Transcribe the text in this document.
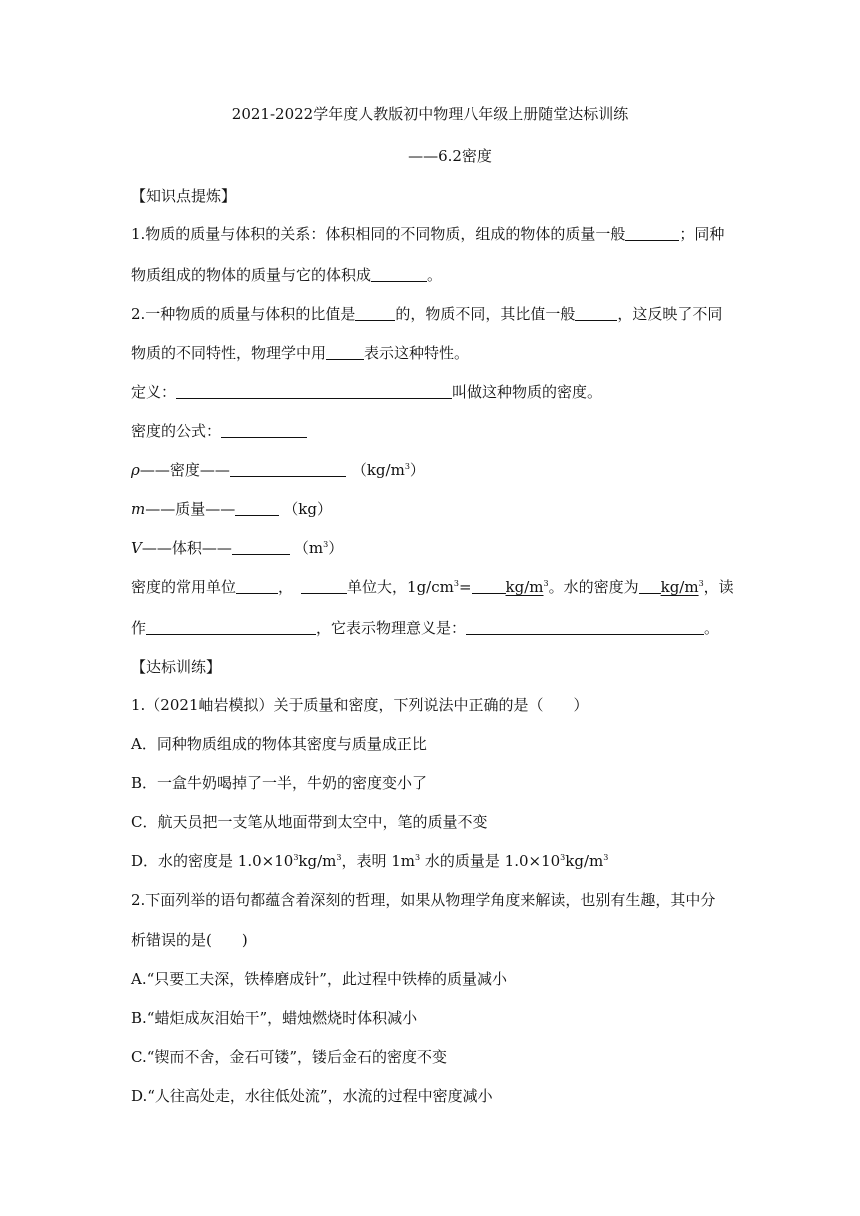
2021-2022学年度人教版初中物理八年级上册随堂达标训练
——6.2密度
【知识点提炼】
1.物质的质量与体积的关系：体积相同的不同物质，组成的物体的质量一般	；同种
物质组成的物体的质量与它的体积成	。
2.一种物质的质量与体积的比值是	的，物质不同，其比值一般	，这反映了不同
物质的不同特性，物理学中用	表示这种特性。
定义：	叫做这种物质的密度。
密度的公式：
ρ——密度——	$(kg/m^3)$
m——质量——	（kg）
V——体积——	$(m^3)$
密度的常用单位	，	单位大，$1g/cm^3= kg/m^3$。水的密度为 $kg/m^3$，读
作	，它表示物理意义是：	。
【达标训练】
1.（2021岫岩模拟）关于质量和密度，下列说法中正确的是（　　）
A．同种物质组成的物体其密度与质量成正比
B．一盒牛奶喝掉了一半，牛奶的密度变小了
C．航天员把一支笔从地面带到太空中，笔的质量不变
D．水的密度是 $1.0\times 10^3kg/m^3$，表明 $1m^3$ 水的质量是 $1.0\times 10^3kg/m^3$
2.下面列举的语句都蕴含着深刻的哲理，如果从物理学角度来解读，也别有生趣，其中分
析错误的是(　　)
A.“只要工夫深，铁棒磨成针”，此过程中铁棒的质量减小
B.“蜡炬成灰泪始干”，蜡烛燃烧时体积减小
C.“锲而不舍，金石可镂”，镂后金石的密度不变
D.“人往高处走，水往低处流”，水流的过程中密度减小
